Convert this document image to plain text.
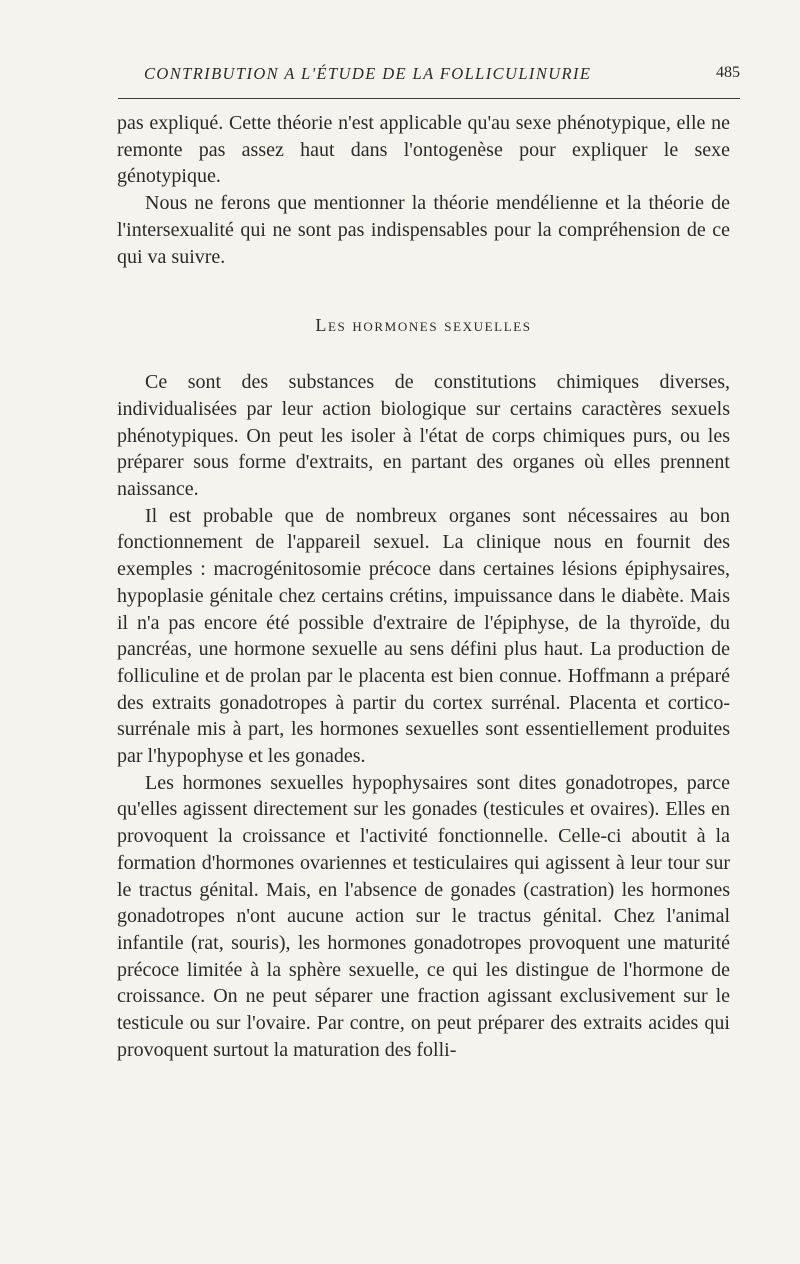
CONTRIBUTION A L'ÉTUDE DE LA FOLLICULINURIE	485

pas expliqué. Cette théorie n'est applicable qu'au sexe phénotypique, elle ne remonte pas assez haut dans l'ontogenèse pour expliquer le sexe génotypique.

Nous ne ferons que mentionner la théorie mendélienne et la théorie de l'intersexualité qui ne sont pas indispensables pour la compréhension de ce qui va suivre.

Les hormones sexuelles

Ce sont des substances de constitutions chimiques diverses, individualisées par leur action biologique sur certains caractères sexuels phénotypiques. On peut les isoler à l'état de corps chimiques purs, ou les préparer sous forme d'extraits, en partant des organes où elles prennent naissance.

Il est probable que de nombreux organes sont nécessaires au bon fonctionnement de l'appareil sexuel. La clinique nous en fournit des exemples : macrogénitosomie précoce dans certaines lésions épiphysaires, hypoplasie génitale chez certains crétins, impuissance dans le diabète. Mais il n'a pas encore été possible d'extraire de l'épiphyse, de la thyroïde, du pancréas, une hormone sexuelle au sens défini plus haut. La production de folliculine et de prolan par le placenta est bien connue. Hoffmann a préparé des extraits gonadotropes à partir du cortex surrénal. Placenta et cortico-surrénale mis à part, les hormones sexuelles sont essentiellement produites par l'hypophyse et les gonades.

Les hormones sexuelles hypophysaires sont dites gonadotropes, parce qu'elles agissent directement sur les gonades (testicules et ovaires). Elles en provoquent la croissance et l'activité fonctionnelle. Celle-ci aboutit à la formation d'hormones ovariennes et testiculaires qui agissent à leur tour sur le tractus génital. Mais, en l'absence de gonades (castration) les hormones gonadotropes n'ont aucune action sur le tractus génital. Chez l'animal infantile (rat, souris), les hormones gonadotropes provoquent une maturité précoce limitée à la sphère sexuelle, ce qui les distingue de l'hormone de croissance. On ne peut séparer une fraction agissant exclusivement sur le testicule ou sur l'ovaire. Par contre, on peut préparer des extraits acides qui provoquent surtout la maturation des folli-
